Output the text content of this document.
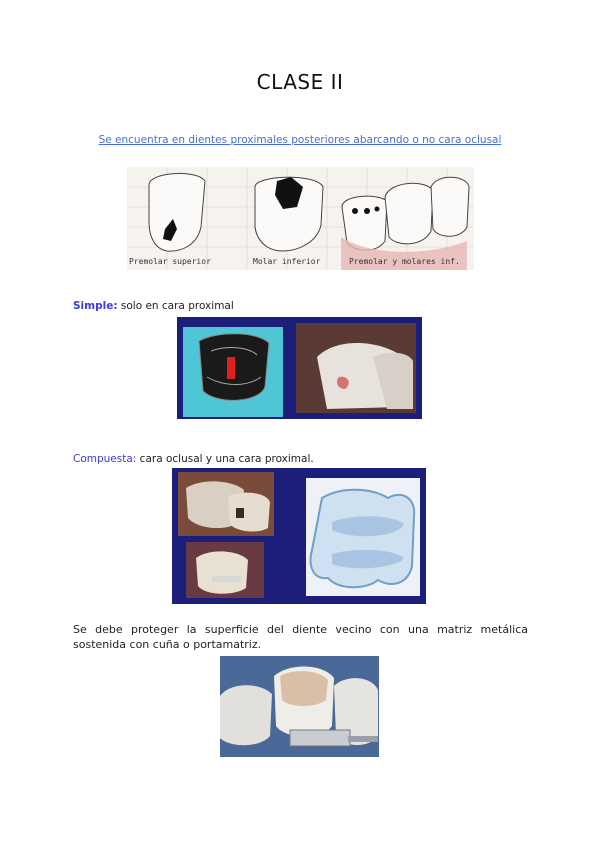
CLASE II
Se encuentra en dientes proximales posteriores abarcando o no cara oclusal
Premolar superior	Molar inferior	Premolar y molares inf.
Simple: solo en cara proximal
Compuesta: cara oclusal y una cara proximal.
Se debe proteger la superficie del diente vecino con una matriz metálica sostenida con cuña o portamatriz.
